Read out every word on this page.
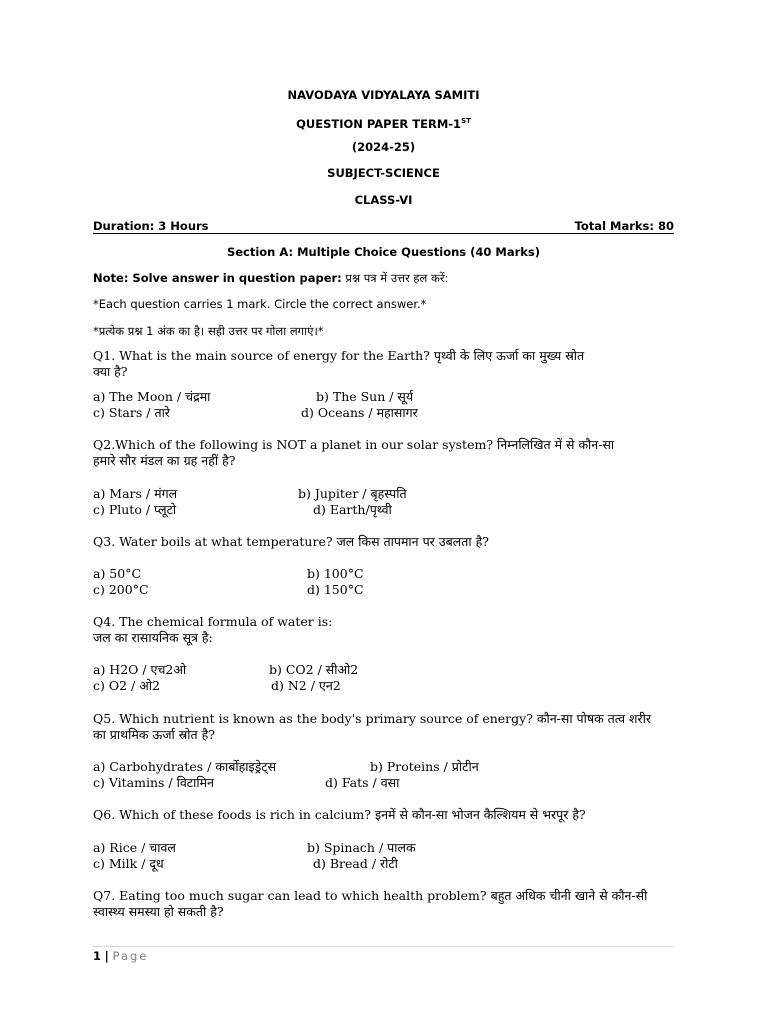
NAVODAYA VIDYALAYA SAMITI
QUESTION PAPER TERM-1ST
(2024-25)
SUBJECT-SCIENCE
CLASS-VI
Duration: 3 Hours	Total Marks: 80
Section A: Multiple Choice Questions (40 Marks)
Note: Solve answer in question paper: प्रश्न पत्र में उत्तर हल करें:
*Each question carries 1 mark. Circle the correct answer.*
*प्रत्येक प्रश्न 1 अंक का है। सही उत्तर पर गोला लगाएं।*
Q1. What is the main source of energy for the Earth? पृथ्वी के लिए ऊर्जा का मुख्य स्रोत
क्या है?
a) The Moon / चंद्रमा	b) The Sun / सूर्य
c) Stars / तारे	d) Oceans / महासागर
Q2.Which of the following is NOT a planet in our solar system? निम्नलिखित में से कौन-सा
हमारे सौर मंडल का ग्रह नहीं है?
a) Mars / मंगल	b) Jupiter / बृहस्पति
c) Pluto / प्लूटो	d) Earth/पृथ्वी
Q3. Water boils at what temperature? जल किस तापमान पर उबलता है?
a) 50°C	b) 100°C
c) 200°C	d) 150°C
Q4. The chemical formula of water is:
जल का रासायनिक सूत्र है:
a) H2O / एच2ओ	b) CO2 / सीओ2
c) O2 / ओ2	d) N2 / एन2
Q5. Which nutrient is known as the body's primary source of energy? कौन-सा पोषक तत्व शरीर
का प्राथमिक ऊर्जा स्रोत है?
a) Carbohydrates / कार्बोहाइड्रेट्स	b) Proteins / प्रोटीन
c) Vitamins / विटामिन	d) Fats / वसा
Q6. Which of these foods is rich in calcium? इनमें से कौन-सा भोजन कैल्शियम से भरपूर है?
a) Rice / चावल	b) Spinach / पालक
c) Milk / दूध	d) Bread / रोटी
Q7. Eating too much sugar can lead to which health problem? बहुत अधिक चीनी खाने से कौन-सी
स्वास्थ्य समस्या हो सकती है?
1 | Page
